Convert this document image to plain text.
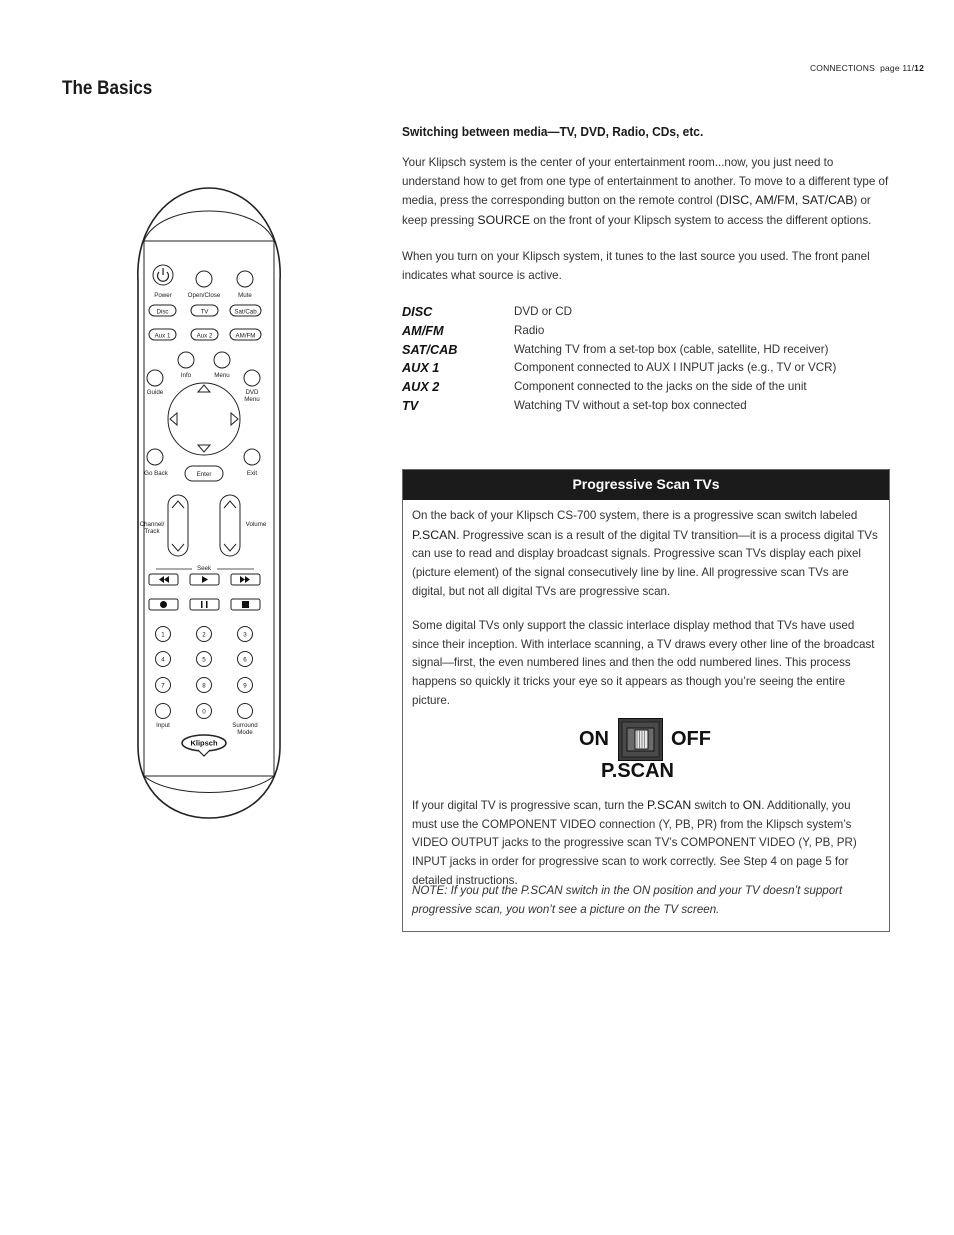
CONNECTIONS page 11/12
The Basics
Switching between media—TV, DVD, Radio, CDs, etc.
Your Klipsch system is the center of your entertainment room...now, you just need to understand how to get from one type of entertainment to another. To move to a different type of media, press the corresponding button on the remote control (DISC, AM/FM, SAT/CAB) or keep pressing SOURCE on the front of your Klipsch system to access the different options.
When you turn on your Klipsch system, it tunes to the last source you used. The front panel indicates what source is active.
DISC	DVD or CD
AM/FM	Radio
SAT/CAB	Watching TV from a set-top box (cable, satellite, HD receiver)
AUX 1	Component connected to AUX I INPUT jacks (e.g., TV or VCR)
AUX 2	Component connected to the jacks on the side of the unit
TV	Watching TV without a set-top box connected
Progressive Scan TVs
On the back of your Klipsch CS-700 system, there is a progressive scan switch labeled P.SCAN. Progressive scan is a result of the digital TV transition—it is a process digital TVs can use to read and display broadcast signals. Progressive scan TVs display each pixel (picture element) of the signal consecutively line by line. All progressive scan TVs are digital, but not all digital TVs are progressive scan.
Some digital TVs only support the classic interlace display method that TVs have used since their inception. With interlace scanning, a TV draws every other line of the broadcast signal—first, the even numbered lines and then the odd numbered lines. This process happens so quickly it tricks your eye so it appears as though you’re seeing the entire picture.
ON	OFF
P.SCAN
If your digital TV is progressive scan, turn the P.SCAN switch to ON. Additionally, you must use the COMPONENT VIDEO connection (Y, PB, PR) from the Klipsch system’s VIDEO OUTPUT jacks to the progressive scan TV’s COMPONENT VIDEO (Y, PB, PR) INPUT jacks in order for progressive scan to work correctly. See Step 4 on page 5 for detailed instructions.
NOTE: If you put the P.SCAN switch in the ON position and your TV doesn’t support progressive scan, you won’t see a picture on the TV screen.
Power	Open/Close	Mute
Disc	TV	Sat/Cab
Aux 1	Aux 2	AM/FM
Info	Menu
Guide	DVD
Menu
Go Back	Exit
Enter
Channel/
Track
Volume
Seek
1	2	3
4	5	6
7	8	9
0
Input	Surround
Mode
Klipsch
